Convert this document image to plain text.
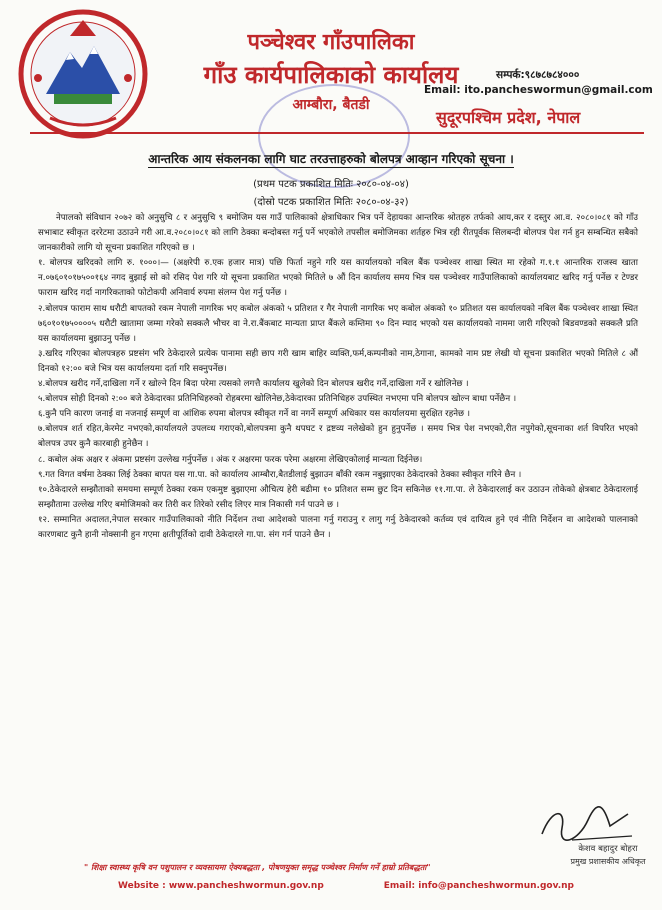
पञ्चेश्वर गाँउपालिका
गाँउ कार्यपालिकाको कार्यालय
आम्बौरा, बैतडी
सम्पर्क:९८७८७८४०००
Email: ito.pancheswormun@gmail.com
सुदूरपश्चिम प्रदेश, नेपाल
आन्तरिक आय संकलनका लागि घाट तरउत्ताहरुको बोलपत्र आव्हान गरिएको सूचना ।
(प्रथम पटक प्रकाशित मितिः २०८०-०४-०४)
(दोस्रो पटक प्रकाशित मितिः २०८०-०४-३२)

नेपालको संविधान २०७२ को अनुसुचि ८ र अनुसुचि ९ बमोजिम यस गाउँ पालिकाको क्षेत्राधिकार भित्र पर्ने देहायका आन्तरिक श्रोतहरु तर्फको आय,कर र दस्तुर आ.व. २०८०।०८१ को गाँउ सभाबाट स्वीकृत दररेटमा उठाउने गरी आ.व.२०८०।०८१ को लागि ठेक्का बन्दोबस्त गर्नु पर्ने भएकोले तपसील बमोजिमका शर्तहरु भित्र रही रीतपूर्वक सिलबन्दी बोलपत्र पेश गर्न हुन सम्बन्धित सबैको जानकारीको लागि यो सूचना प्रकाशित गरिएको छ ।

१. बोलपत्र खरिदको लागि रु. १०००।— (अक्षरेपी रु.एक हजार मात्र) पछि फिर्ता नहुने गरि यस कार्यालयको नबिल बैंक पञ्चेश्वर शाखा स्थित मा रहेको ग.१.१ आन्तरिक राजस्व खाता न.०७६०१०१७५००१६४ नगद बुझाई सो को रसिद पेश गरि यो सूचना प्रकाशित भएको मितिले ७ औं दिन कार्यालय समय भित्र यस पञ्चेश्वर गाउँपालिकाको कार्यालयबाट खरिद गर्नु पर्नेछ र टेण्डर फाराम खरिद गर्दा नागरिकताको फोटोकपी अनिवार्य रुपमा संलग्न पेश गर्नु पर्नेछ ।

२.बोलपत्र फाराम साथ धरौटी बापतको रकम नेपाली नागरिक भए कबोल अंकको ५ प्रतिशत र गैर नेपाली नागरिक भए कबोल अंकको १० प्रतिशत यस कार्यालयको नबिल बैंक पञ्चेश्वर शाखा स्थित ७६०१०१७५००००५ धरौटी खातामा जम्मा गरेको सक्कलै भौचर वा ने.रा.बैंकबाट मान्यता प्राप्त बैंकले कम्तिमा ९० दिन म्याद भएको यस कार्यालयको नाममा जारी गरिएको बिडवण्डको सक्कलै प्रति यस कार्यालयमा बुझाउनु पर्नेछ ।

३.खरिद गरिएका बोलपत्रहरु प्रष्टसंग भरि ठेकेदारले प्रत्येक पानामा सही छाप गरी खाम बाहिर व्यक्ति,फर्म,कम्पनीको नाम,ठेगाना, कामको नाम प्रष्ट लेखी यो सूचना प्रकाशित भएको मितिले ८ औं दिनको १२:०० बजे भित्र यस कार्यालयमा दर्ता गरि सक्नुपर्नेछ।

४.बोलपत्र खरीद गर्ने,दाखिला गर्ने र खोल्ने दिन बिदा परेमा त्यसको लगत्तै कार्यालय खुलेको दिन बोलपत्र खरीद गर्ने,दाखिला गर्ने र खोलिनेछ ।

५.बोलपत्र सोही दिनको २:०० बजे ठेकेदारका प्रतिनिधिहरुको रोहबरमा खोलिनेछ,ठेकेदारका प्रतिनिधिहरु उपस्थित नभएमा पनि बोलपत्र खोल्न बाधा पर्नेछैन ।

६.कुनै पनि कारण जनाई वा नजनाई सम्पूर्ण वा आंशिक रुपमा बोलपत्र स्वीकृत गर्ने वा नगर्ने सम्पूर्ण अधिकार यस कार्यालयमा सुरक्षित रहनेछ ।

७.बोलपत्र शर्त रहित,केरमेट नभएको,कार्यालयले उपलव्ध गराएको,बोलपत्रमा कुनै थपघट र द्रष्टव्य नलेखेको हुन हुनुपर्नेछ । समय भित्र पेश नभएको,रीत नपुगेको,सूचनाका शर्त विपरित भएको बोलपत्र उपर कुनै कारबाही हुनेछैन ।

८. कबोल अंक अक्षर र अंकमा प्रष्टसंग उल्लेख गर्नुपर्नेछ । अंक र अक्षरमा फरक परेमा अक्षरमा लेखिएकोलाई मान्यता दिईनेछ।

९.गत विगत वर्षमा ठेक्का लिई ठेक्का बापत यस गा.पा. को कार्यालय आम्बौरा,बैतडीलाई बुझाउन बाँकी रकम नबुझाएका ठेकेदारको ठेक्का स्वीकृत गरिने छैन ।

१०.ठेकेदारले सम्झौताको समयमा सम्पूर्ण ठेक्का रकम एकमुष्ट बुझाएमा औचित्य हेरी बढीमा १० प्रतिशत सम्म छुट दिन सकिनेछ ११.गा.पा. ले ठेकेदारलाई कर उठाउन तोकेको क्षेत्रबाट ठेकेदारलाई सम्झौतामा उल्लेख गरिए बमोजिमको कर तिरी कर तिरेको रसीद लिएर मात्र निकासी गर्न पाउने छ ।

१२. सम्मानित अदालत,नेपाल सरकार गाउँपालिकाको नीति निर्देशन तथा आदेशको पालना गर्नु गराउनु र लागु गर्नु ठेकेदारको कर्तव्य एवं दायित्व हुने एवं नीति निर्देशन वा आदेशको पालनाको कारणबाट कुनै हानी नोक्सानी हुन गएमा क्षतीपूर्तिको दावी ठेकेदारले गा.पा. संग गर्न पाउने छैन ।

केशव बहादुर बोहरा
प्रमुख प्रशासकीय अधिकृत
" शिक्षा स्वास्थ्य कृषि वन पशुपालन र व्यवसायमा ऐक्यबद्धता , पोषणयुक्त समृद्ध पञ्चेश्वर निर्माण गर्ने हाम्रो प्रतिबद्धता"
Website : www.pancheshwormun.gov.np	Email: info@pancheshwormun.gov.np
